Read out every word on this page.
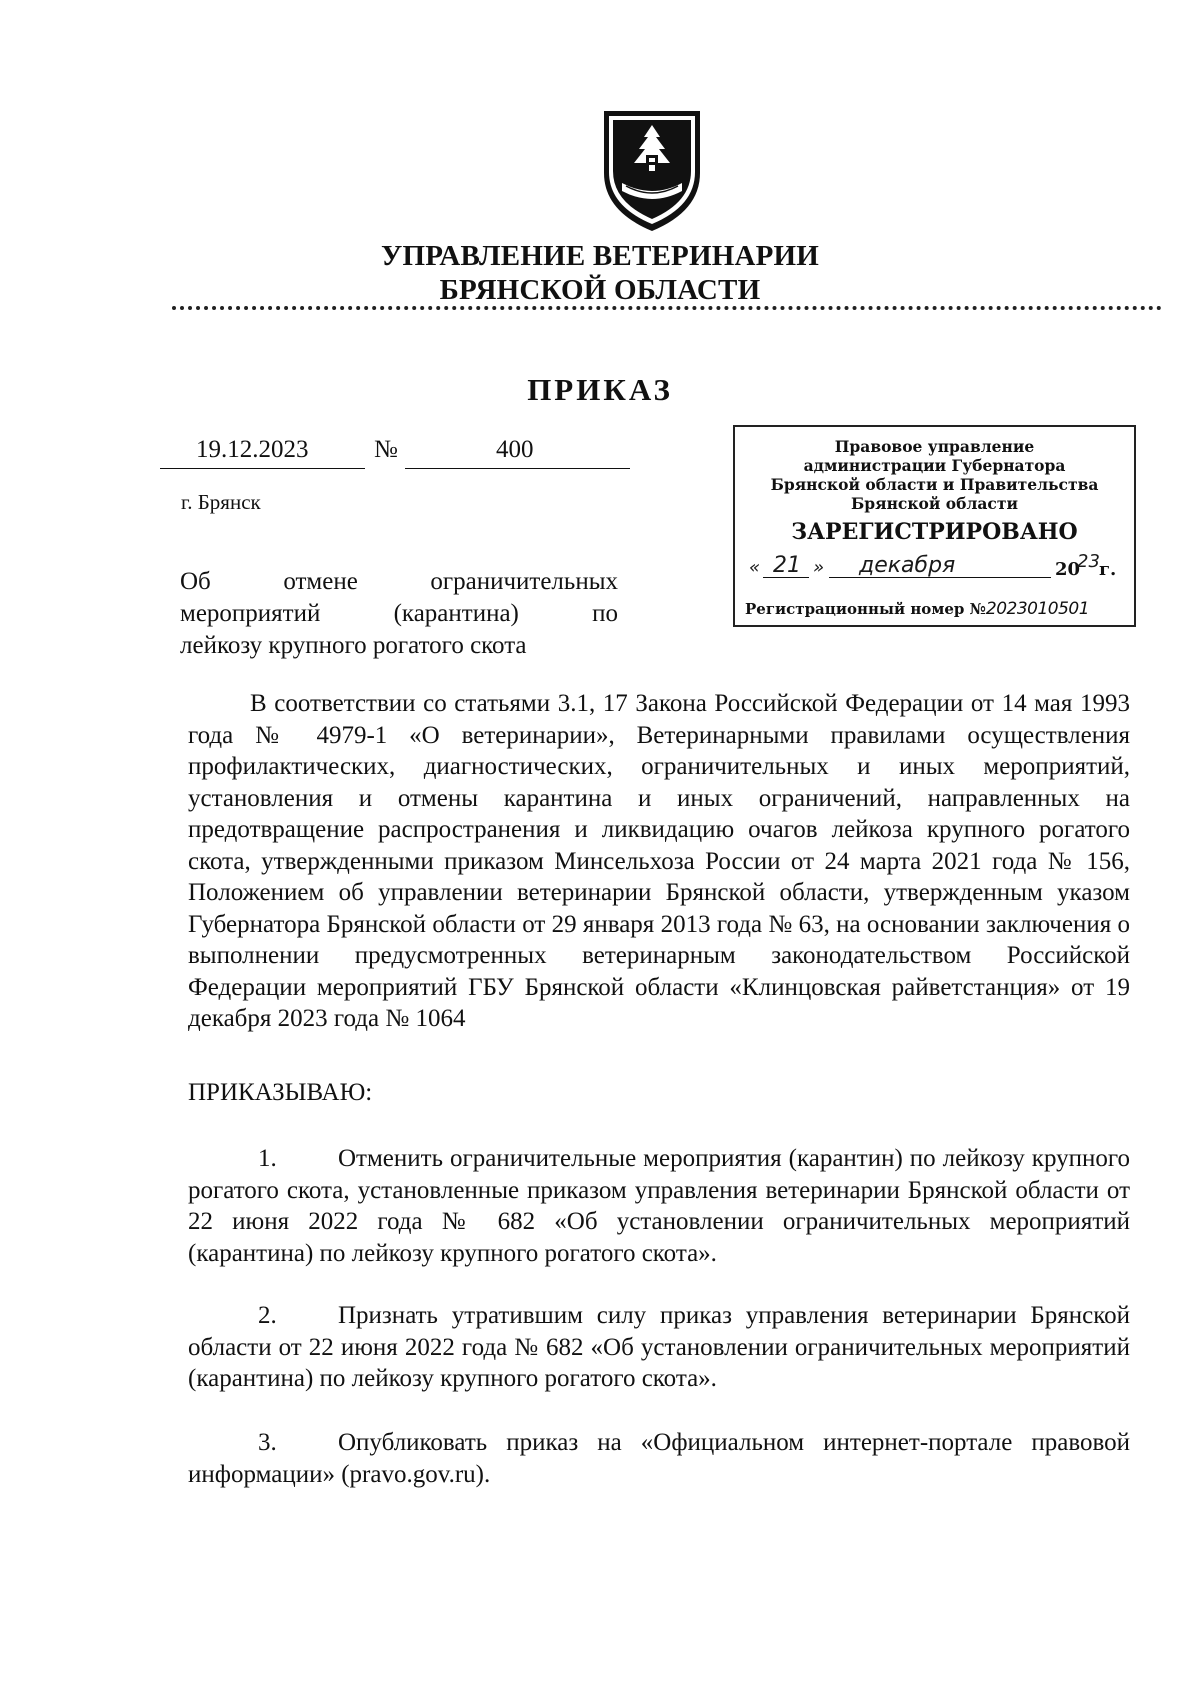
УПРАВЛЕНИЕ ВЕТЕРИНАРИИ
БРЯНСКОЙ ОБЛАСТИ
ПРИКАЗ
19.12.2023	№	400
г. Брянск
Об отмене ограничительных
мероприятий (карантина) по
лейкозу крупного рогатого скота
Правовое управление
администрации Губернатора
Брянской области и Правительства
Брянской области
ЗАРЕГИСТРИРОВАНО
« 21 » декабря	20
23 г.
Регистрационный номер №2023010501
В соответствии со статьями 3.1, 17 Закона Российской Федерации от 14 мая 1993 года № 4979-1 «О ветеринарии», Ветеринарными правилами осуществления профилактических, диагностических, ограничительных и иных мероприятий, установления и отмены карантина и иных ограничений, направленных на предотвращение распространения и ликвидацию очагов лейкоза крупного рогатого скота, утвержденными приказом Минсельхоза России от 24 марта 2021 года № 156, Положением об управлении ветеринарии Брянской области, утвержденным указом Губернатора Брянской области от 29 января 2013 года № 63, на основании заключения о выполнении предусмотренных ветеринарным законодательством Российской Федерации мероприятий ГБУ Брянской области «Клинцовская райветстанция» от 19 декабря 2023 года № 1064
ПРИКАЗЫВАЮ:
1. Отменить ограничительные мероприятия (карантин) по лейкозу крупного рогатого скота, установленные приказом управления ветеринарии Брянской области от 22 июня 2022 года № 682 «Об установлении ограничительных мероприятий (карантина) по лейкозу крупного рогатого скота».
2. Признать утратившим силу приказ управления ветеринарии Брянской области от 22 июня 2022 года № 682 «Об установлении ограничительных мероприятий (карантина) по лейкозу крупного рогатого скота».
3. Опубликовать приказ на «Официальном интернет-портале правовой информации» (pravo.gov.ru).
